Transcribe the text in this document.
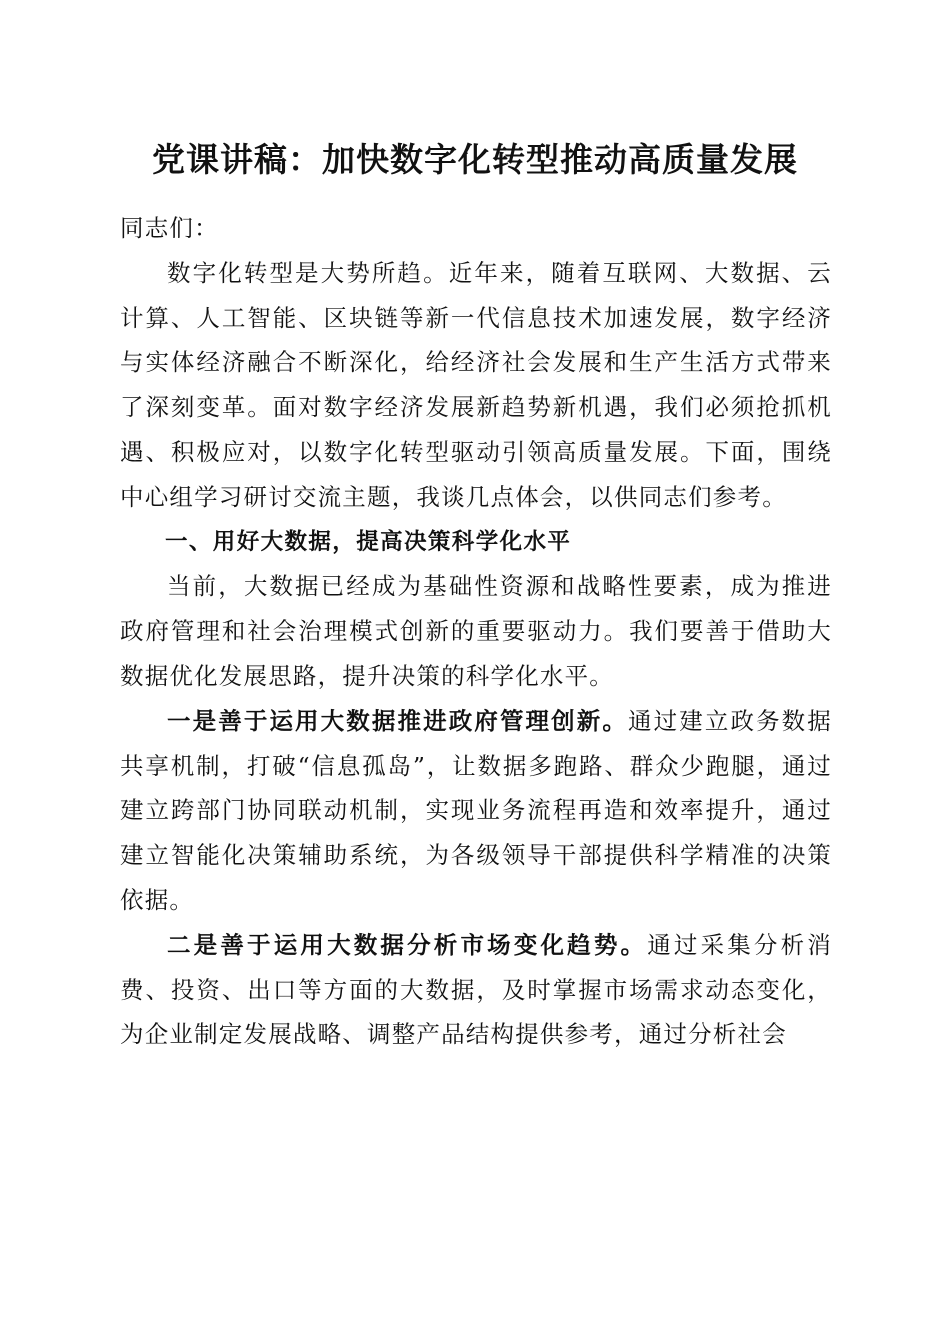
党课讲稿：加快数字化转型推动高质量发展

同志们：

数字化转型是大势所趋。近年来，随着互联网、大数据、云计算、人工智能、区块链等新一代信息技术加速发展，数字经济与实体经济融合不断深化，给经济社会发展和生产生活方式带来了深刻变革。面对数字经济发展新趋势新机遇，我们必须抢抓机遇、积极应对，以数字化转型驱动引领高质量发展。下面，围绕中心组学习研讨交流主题，我谈几点体会，以供同志们参考。

一、用好大数据，提高决策科学化水平

当前，大数据已经成为基础性资源和战略性要素，成为推进政府管理和社会治理模式创新的重要驱动力。我们要善于借助大数据优化发展思路，提升决策的科学化水平。

一是善于运用大数据推进政府管理创新。通过建立政务数据共享机制，打破“信息孤岛”，让数据多跑路、群众少跑腿，通过建立跨部门协同联动机制，实现业务流程再造和效率提升，通过建立智能化决策辅助系统，为各级领导干部提供科学精准的决策依据。

二是善于运用大数据分析市场变化趋势。通过采集分析消费、投资、出口等方面的大数据，及时掌握市场需求动态变化，为企业制定发展战略、调整产品结构提供参考，通过分析社会
